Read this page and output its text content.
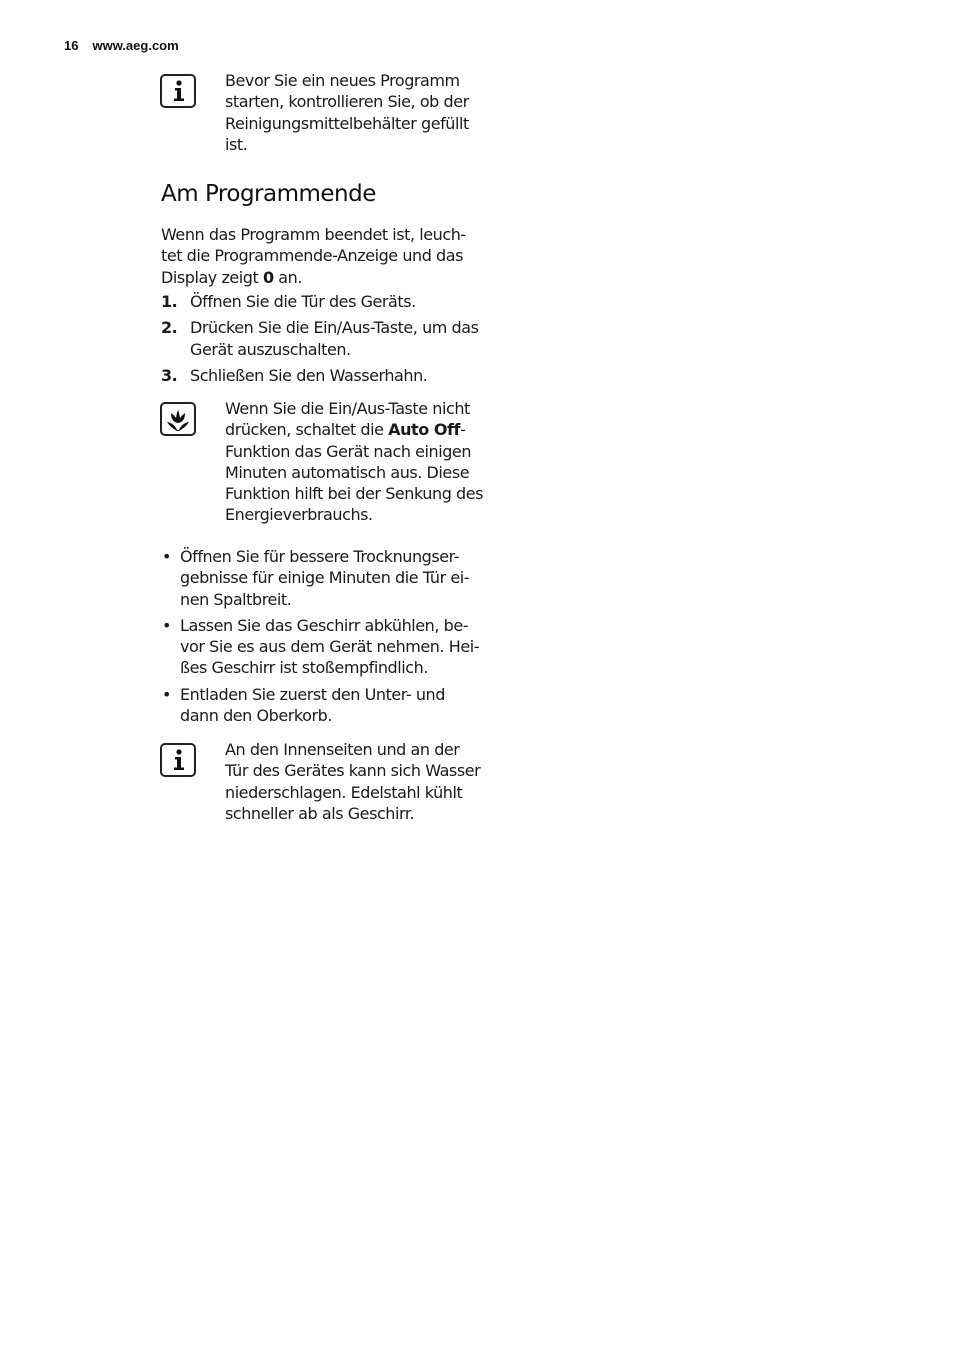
16 www.aeg.com
Bevor Sie ein neues Programm
starten, kontrollieren Sie, ob der
Reinigungsmittelbehälter gefüllt
ist.
Am Programmende
Wenn das Programm beendet ist, leuch-
tet die Programmende-Anzeige und das
Display zeigt 0 an.
1. Öffnen Sie die Tür des Geräts.
2. Drücken Sie die Ein/Aus-Taste, um das
Gerät auszuschalten.
3. Schließen Sie den Wasserhahn.
Wenn Sie die Ein/Aus-Taste nicht
drücken, schaltet die Auto Off-
Funktion das Gerät nach einigen
Minuten automatisch aus. Diese
Funktion hilft bei der Senkung des
Energieverbrauchs.
• Öffnen Sie für bessere Trocknungser-
gebnisse für einige Minuten die Tür ei-
nen Spaltbreit.
• Lassen Sie das Geschirr abkühlen, be-
vor Sie es aus dem Gerät nehmen. Hei-
ßes Geschirr ist stoßempfindlich.
• Entladen Sie zuerst den Unter- und
dann den Oberkorb.
An den Innenseiten und an der
Tür des Gerätes kann sich Wasser
niederschlagen. Edelstahl kühlt
schneller ab als Geschirr.
